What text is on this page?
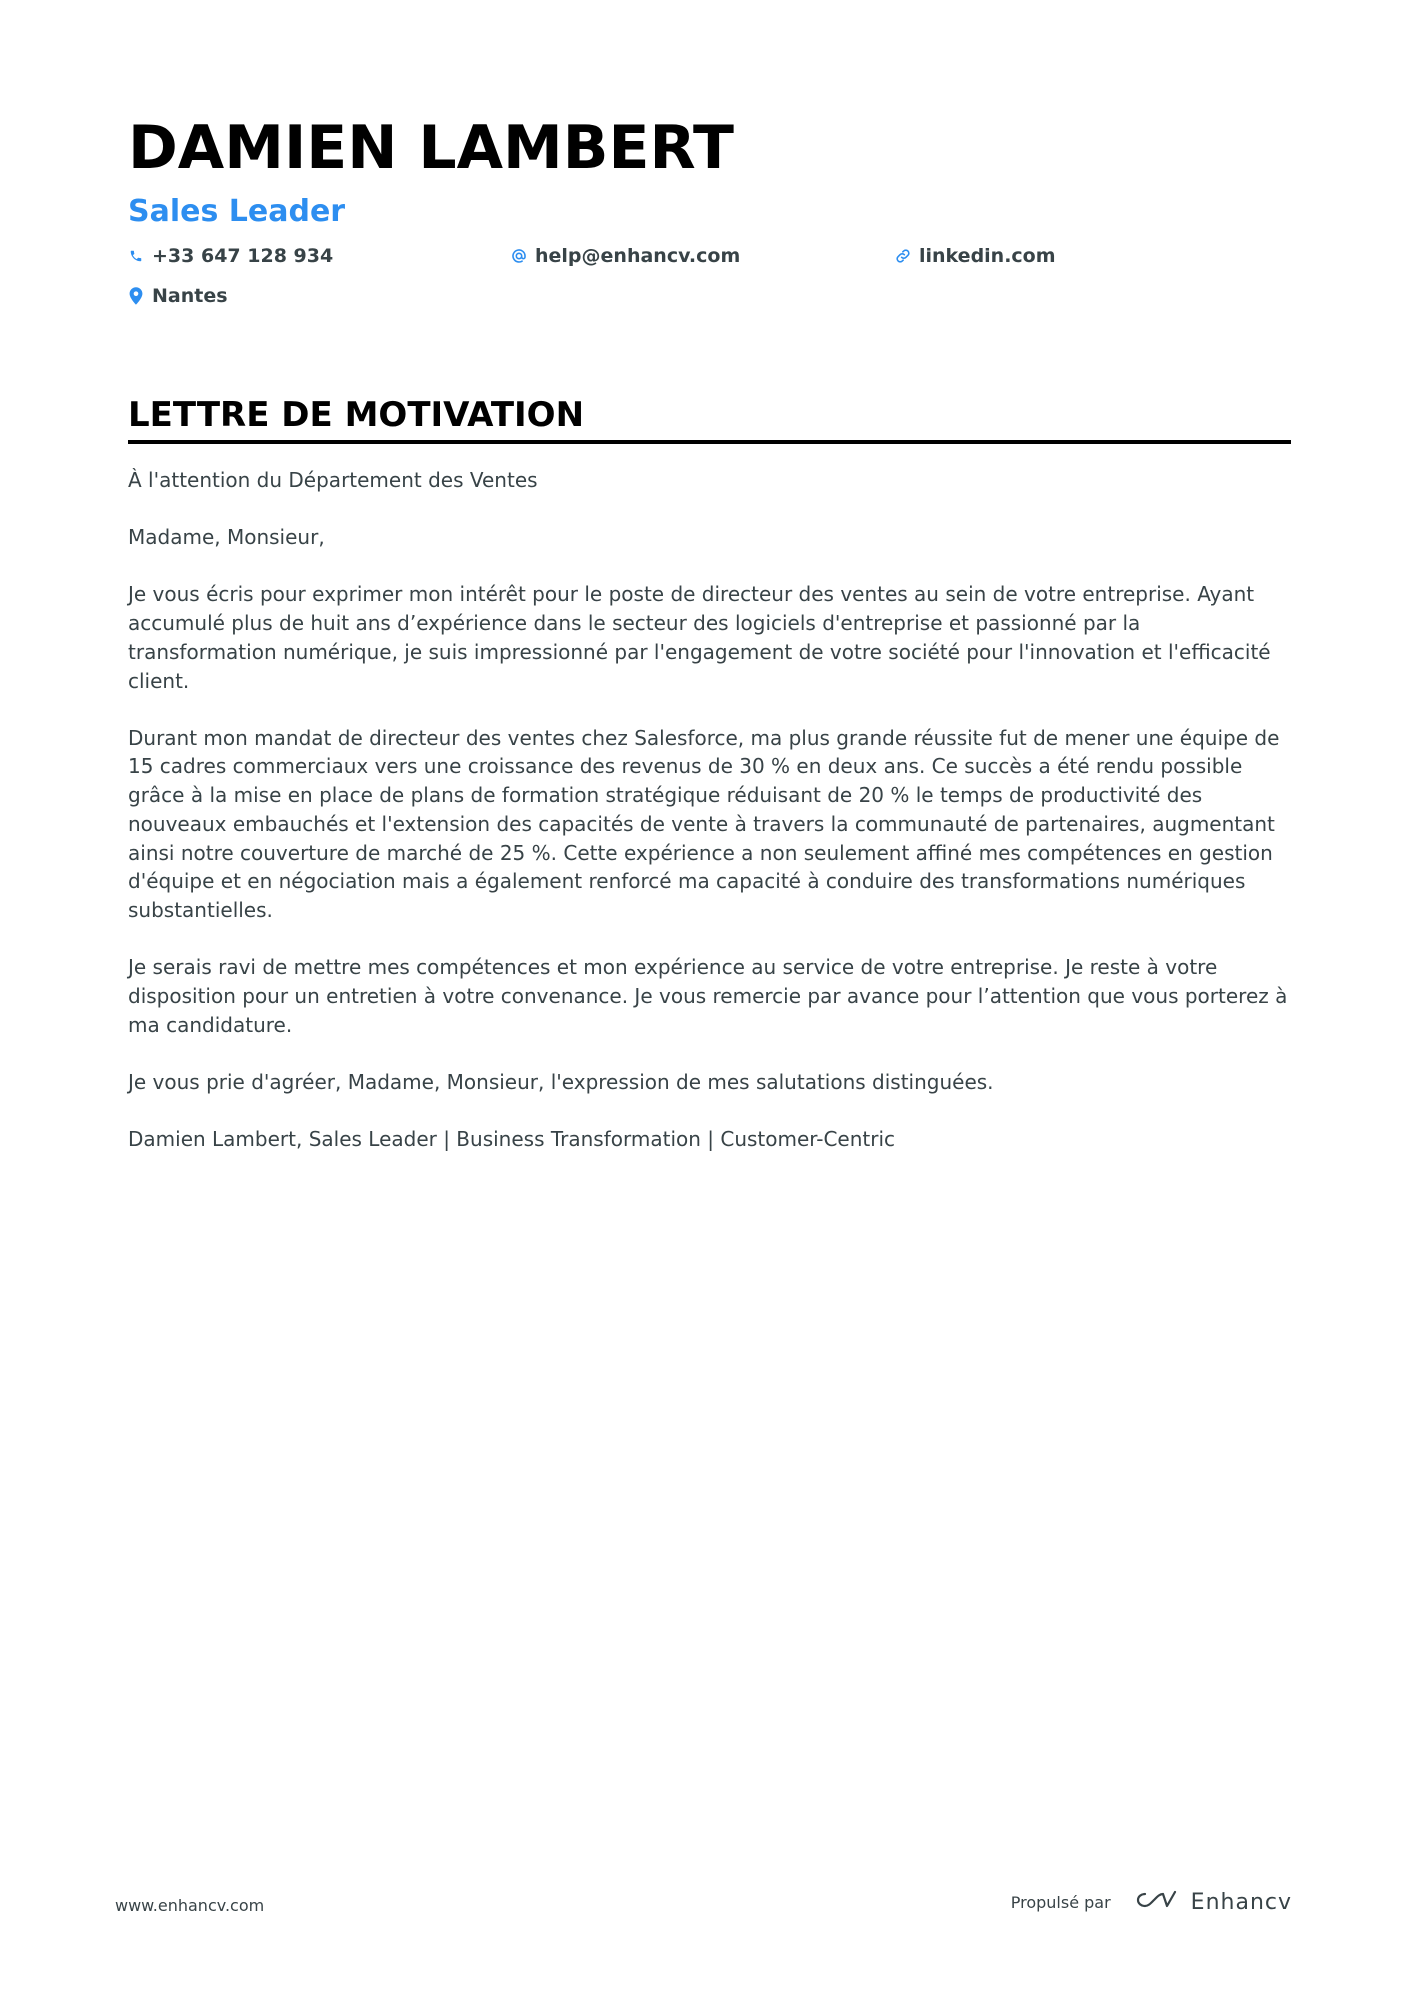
DAMIEN LAMBERT
Sales Leader
+33 647 128 934	help@enhancv.com	linkedin.com
Nantes
LETTRE DE MOTIVATION

À l'attention du Département des Ventes

Madame, Monsieur,

Je vous écris pour exprimer mon intérêt pour le poste de directeur des ventes au sein de votre entreprise. Ayant accumulé plus de huit ans d’expérience dans le secteur des logiciels d'entreprise et passionné par la transformation numérique, je suis impressionné par l'engagement de votre société pour l'innovation et l'efficacité client.

Durant mon mandat de directeur des ventes chez Salesforce, ma plus grande réussite fut de mener une équipe de 15 cadres commerciaux vers une croissance des revenus de 30 % en deux ans. Ce succès a été rendu possible grâce à la mise en place de plans de formation stratégique réduisant de 20 % le temps de productivité des nouveaux embauchés et l'extension des capacités de vente à travers la communauté de partenaires, augmentant ainsi notre couverture de marché de 25 %. Cette expérience a non seulement affiné mes compétences en gestion d'équipe et en négociation mais a également renforcé ma capacité à conduire des transformations numériques substantielles.

Je serais ravi de mettre mes compétences et mon expérience au service de votre entreprise. Je reste à votre disposition pour un entretien à votre convenance. Je vous remercie par avance pour l’attention que vous porterez à ma candidature.

Je vous prie d'agréer, Madame, Monsieur, l'expression de mes salutations distinguées.

Damien Lambert, Sales Leader | Business Transformation | Customer-Centric

www.enhancv.com	Propulsé par	Enhancv
